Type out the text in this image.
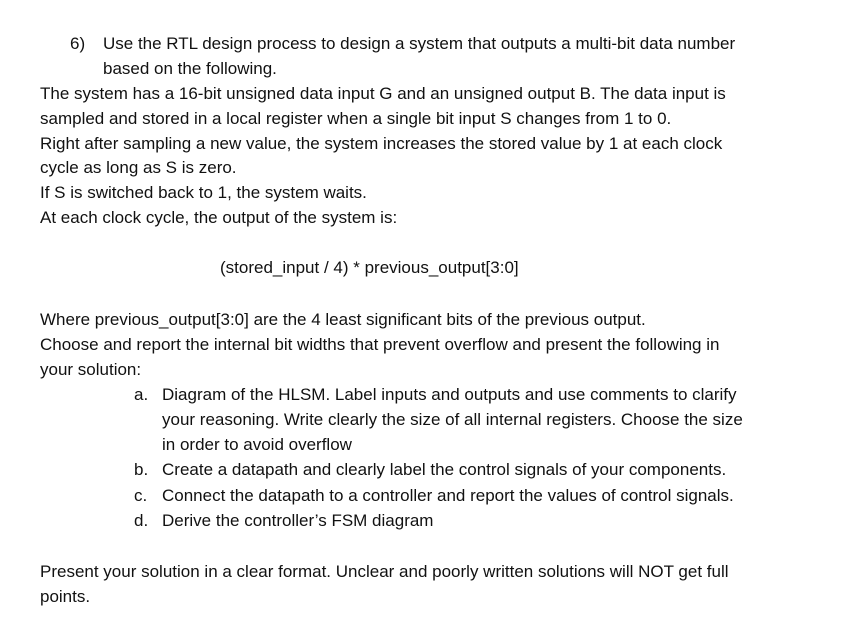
6) Use the RTL design process to design a system that outputs a multi-bit data number
based on the following.
The system has a 16-bit unsigned data input G and an unsigned output B. The data input is
sampled and stored in a local register when a single bit input S changes from 1 to 0.
Right after sampling a new value, the system increases the stored value by 1 at each clock
cycle as long as S is zero.
If S is switched back to 1, the system waits.
At each clock cycle, the output of the system is:
(stored_input / 4) * previous_output[3:0]
Where previous_output[3:0] are the 4 least significant bits of the previous output.
Choose and report the internal bit widths that prevent overflow and present the following in
your solution:
a. Diagram of the HLSM. Label inputs and outputs and use comments to clarify
your reasoning. Write clearly the size of all internal registers. Choose the size
in order to avoid overflow
b. Create a datapath and clearly label the control signals of your components.
c. Connect the datapath to a controller and report the values of control signals.
d. Derive the controller’s FSM diagram
Present your solution in a clear format. Unclear and poorly written solutions will NOT get full
points.
